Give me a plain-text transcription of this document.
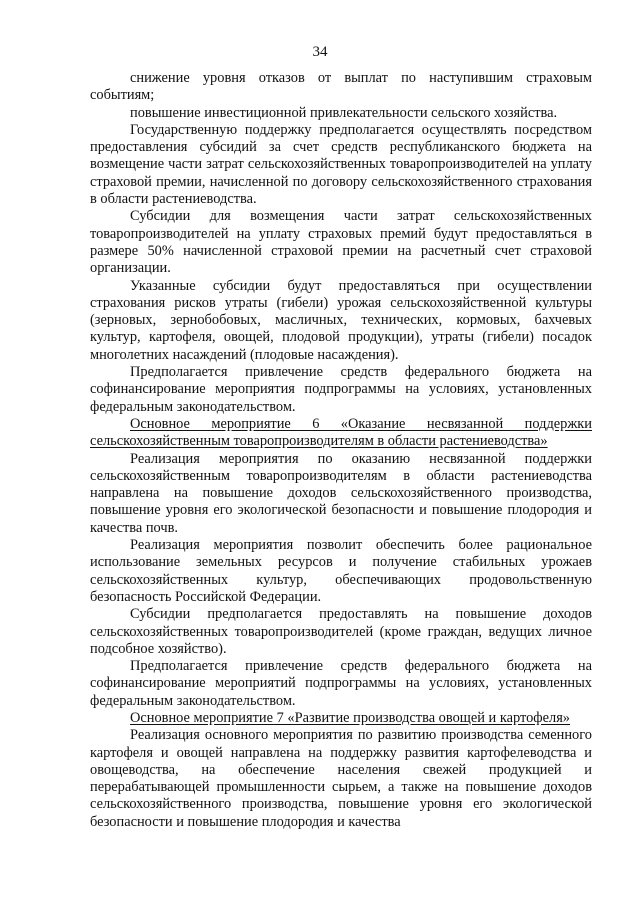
34

снижение уровня отказов от выплат по наступившим страховым событиям;

повышение инвестиционной привлекательности сельского хозяйства.

Государственную поддержку предполагается осуществлять посредством предоставления субсидий за счет средств республиканского бюджета на возмещение части затрат сельскохозяйственных товаропроизводителей на уплату страховой премии, начисленной по договору сельскохозяйственного страхования в области растениеводства.

Субсидии для возмещения части затрат сельскохозяйственных товаропроизводителей на уплату страховых премий будут предоставляться в размере 50% начисленной страховой премии на расчетный счет страховой организации.

Указанные субсидии будут предоставляться при осуществлении страхования рисков утраты (гибели) урожая сельскохозяйственной культуры (зерновых, зернобобовых, масличных, технических, кормовых, бахчевых культур, картофеля, овощей, плодовой продукции), утраты (гибели) посадок многолетних насаждений (плодовые насаждения).

Предполагается привлечение средств федерального бюджета на софинансирование мероприятия подпрограммы на условиях, установленных федеральным законодательством.

Основное мероприятие 6 «Оказание несвязанной поддержки сельскохозяйственным товаропроизводителям в области растениеводства»

Реализация мероприятия по оказанию несвязанной поддержки сельскохозяйственным товаропроизводителям в области растениеводства направлена на повышение доходов сельскохозяйственного производства, повышение уровня его экологической безопасности и повышение плодородия и качества почв.

Реализация мероприятия позволит обеспечить более рациональное использование земельных ресурсов и получение стабильных урожаев сельскохозяйственных культур, обеспечивающих продовольственную безопасность Российской Федерации.

Субсидии предполагается предоставлять на повышение доходов сельскохозяйственных товаропроизводителей (кроме граждан, ведущих личное подсобное хозяйство).

Предполагается привлечение средств федерального бюджета на софинансирование мероприятий подпрограммы на условиях, установленных федеральным законодательством.

Основное мероприятие 7 «Развитие производства овощей и картофеля»

Реализация основного мероприятия по развитию производства семенного картофеля и овощей направлена на поддержку развития картофелеводства и овощеводства, на обеспечение населения свежей продукцией и перерабатывающей промышленности сырьем, а также на повышение доходов сельскохозяйственного производства, повышение уровня его экологической безопасности и повышение плодородия и качества
